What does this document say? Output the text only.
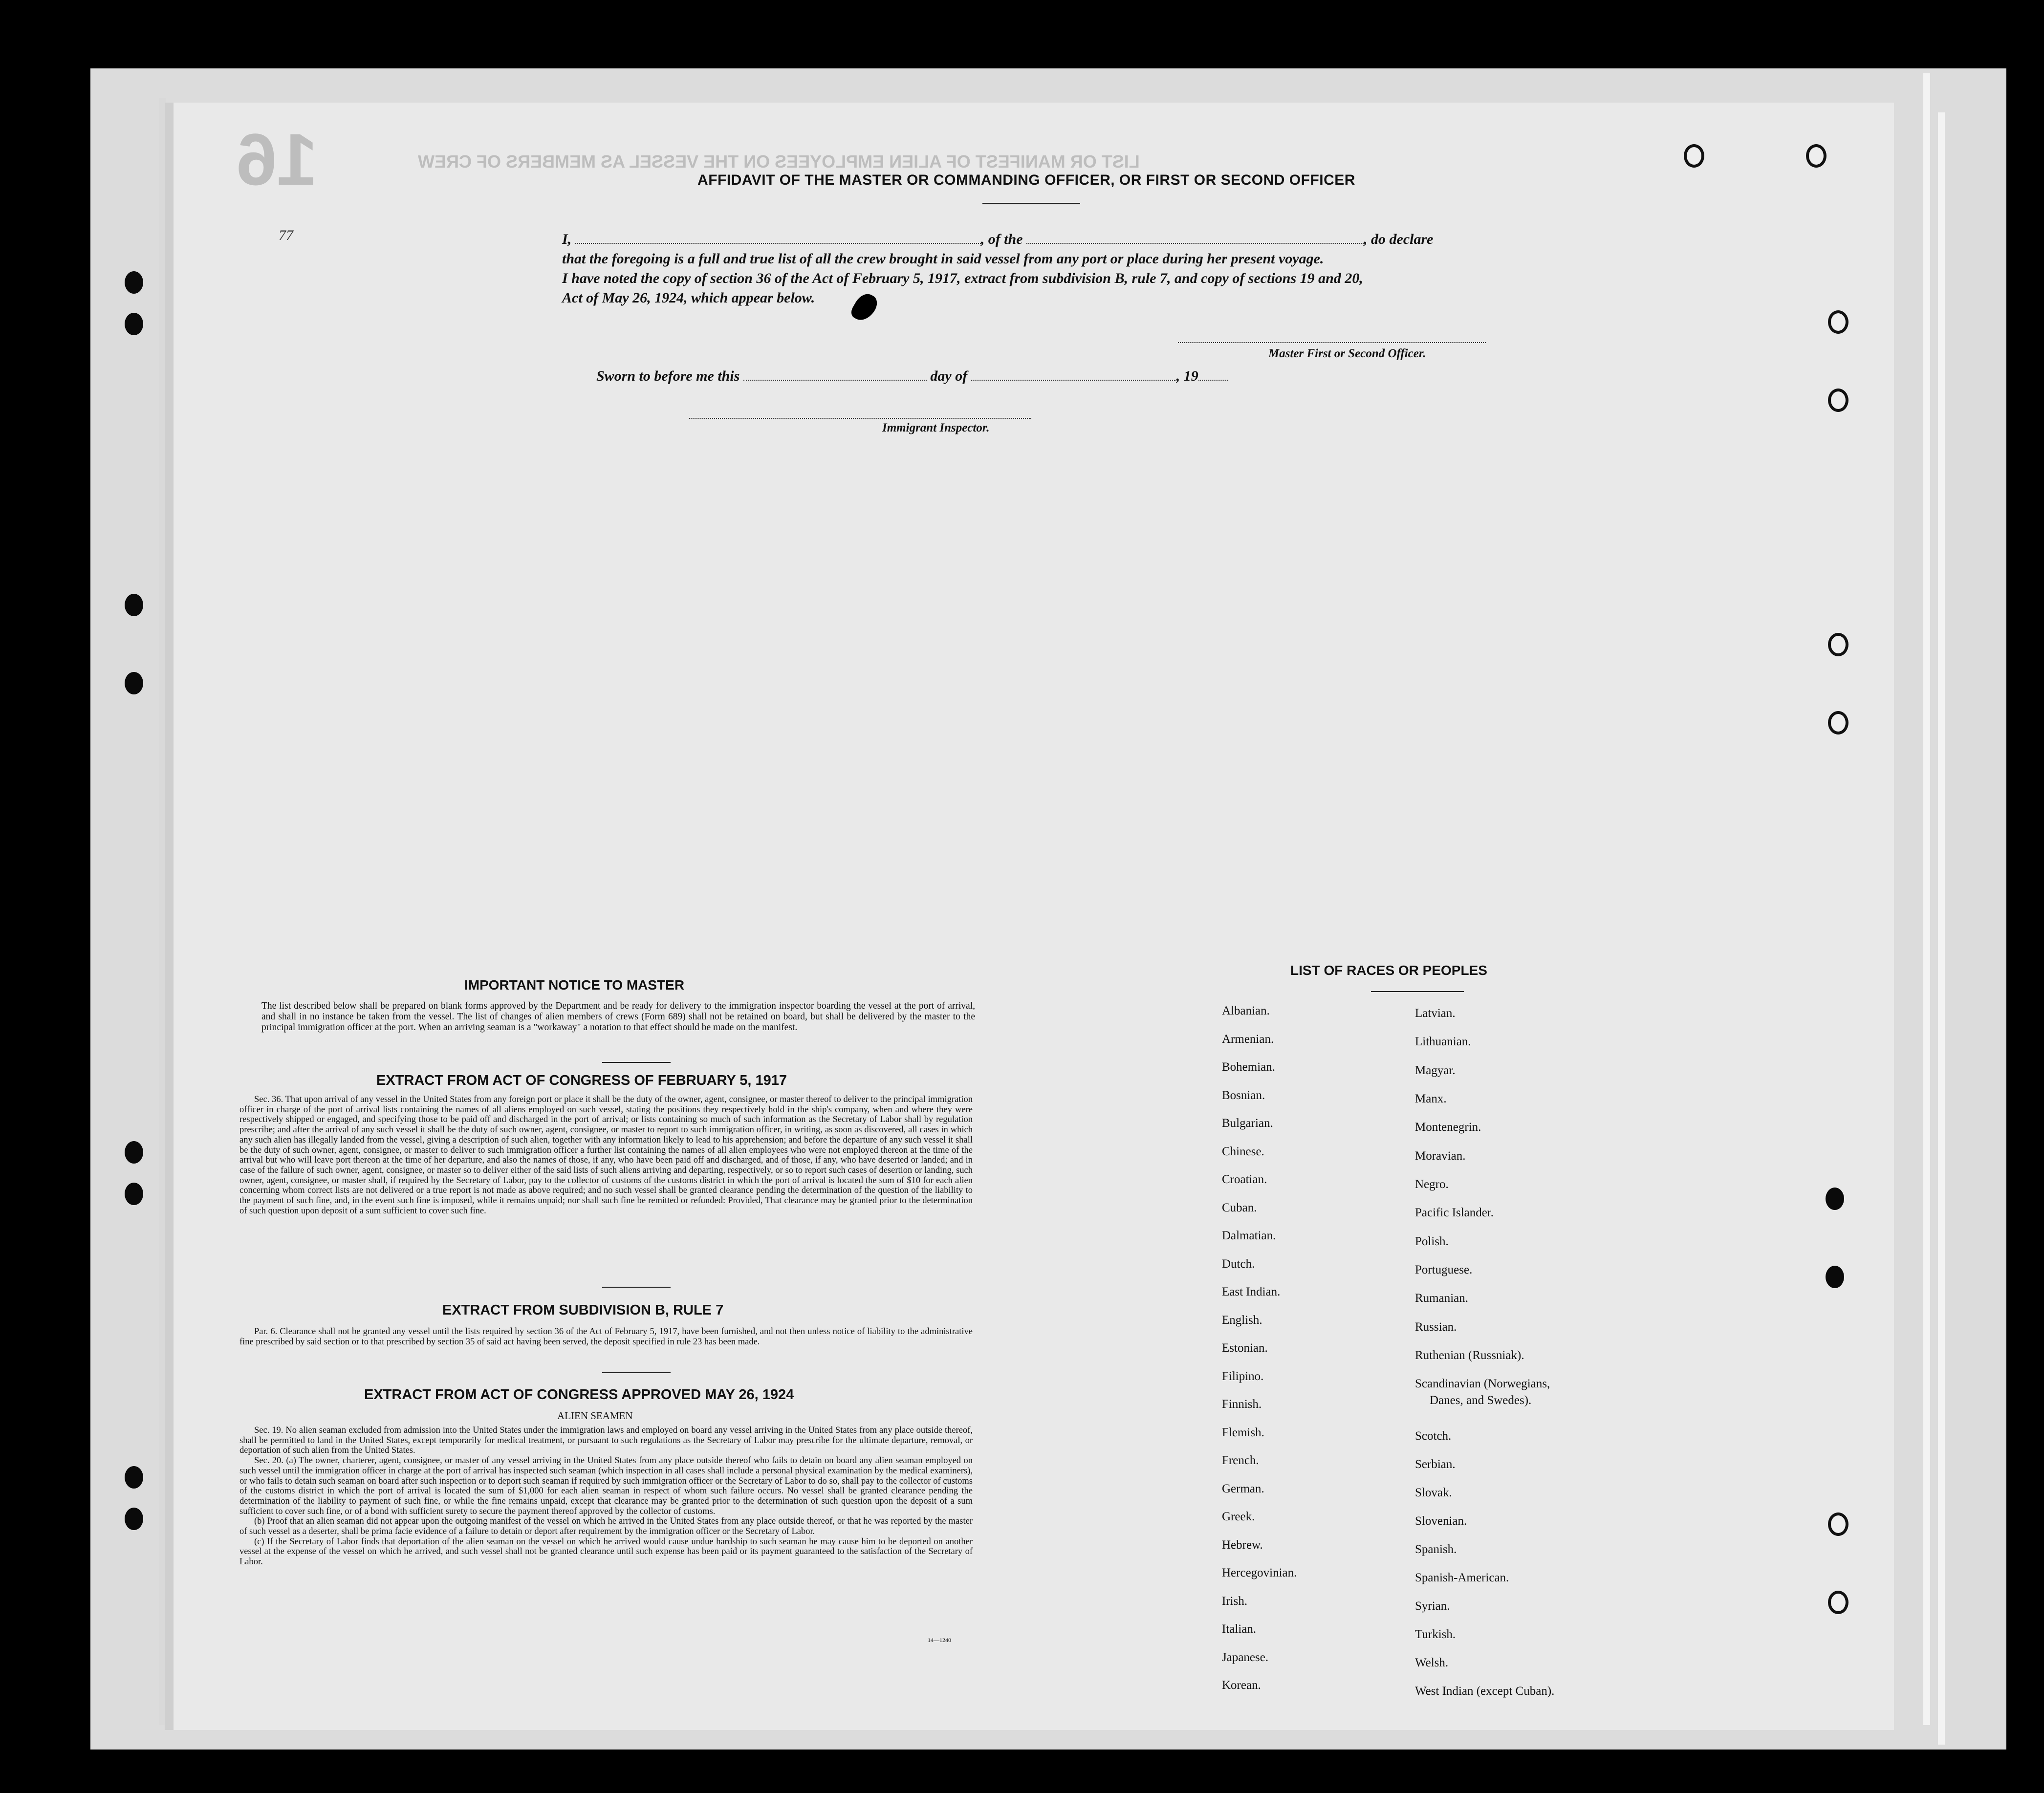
16	LIST OR MANIFEST OF ALIEN EMPLOYEES ON THE VESSEL AS MEMBERS OF CREW
77
AFFIDAVIT OF THE MASTER OR COMMANDING OFFICER, OR FIRST OR SECOND OFFICER
I,	, of the	, do declare
that the foregoing is a full and true list of all the crew brought in said vessel from any port or place during her present voyage.
I have noted the copy of section 36 of the Act of February 5, 1917, extract from subdivision B, rule 7, and copy of sections 19 and 20,
Act of May 26, 1924, which appear below.
Master First or Second Officer.
Sworn to before me this	day of	, 19
Immigrant Inspector.
IMPORTANT NOTICE TO MASTER
The list described below shall be prepared on blank forms approved by the Department and be ready for delivery to the immigration inspector boarding the vessel at the port of arrival, and shall in no instance be taken from the vessel. The list of changes of alien members of crews (Form 689) shall not be retained on board, but shall be delivered by the master to the principal immigration officer at the port. When an arriving seaman is a "workaway" a notation to that effect should be made on the manifest.
EXTRACT FROM ACT OF CONGRESS OF FEBRUARY 5, 1917

Sec. 36. That upon arrival of any vessel in the United States from any foreign port or place it shall be the duty of the owner, agent, consignee, or master thereof to deliver to the principal immigration officer in charge of the port of arrival lists containing the names of all aliens employed on such vessel, stating the positions they respectively hold in the ship's company, when and where they were respectively shipped or engaged, and specifying those to be paid off and discharged in the port of arrival; or lists containing so much of such information as the Secretary of Labor shall by regulation prescribe; and after the arrival of any such vessel it shall be the duty of such owner, agent, consignee, or master to report to such immigration officer, in writing, as soon as discovered, all cases in which any such alien has illegally landed from the vessel, giving a description of such alien, together with any information likely to lead to his apprehension; and before the departure of any such vessel it shall be the duty of such owner, agent, consignee, or master to deliver to such immigration officer a further list containing the names of all alien employees who were not employed thereon at the time of the arrival but who will leave port thereon at the time of her departure, and also the names of those, if any, who have been paid off and discharged, and of those, if any, who have deserted or landed; and in case of the failure of such owner, agent, consignee, or master so to deliver either of the said lists of such aliens arriving and departing, respectively, or so to report such cases of desertion or landing, such owner, agent, consignee, or master shall, if required by the Secretary of Labor, pay to the collector of customs of the customs district in which the port of arrival is located the sum of $10 for each alien concerning whom correct lists are not delivered or a true report is not made as above required; and no such vessel shall be granted clearance pending the determination of the question of the liability to the payment of such fine, and, in the event such fine is imposed, while it remains unpaid; nor shall such fine be remitted or refunded: Provided, That clearance may be granted prior to the determination of such question upon deposit of a sum sufficient to cover such fine.

EXTRACT FROM SUBDIVISION B, RULE 7

Par. 6. Clearance shall not be granted any vessel until the lists required by section 36 of the Act of February 5, 1917, have been furnished, and not then unless notice of liability to the administrative fine prescribed by said section or to that prescribed by section 35 of said act having been served, the deposit specified in rule 23 has been made.

EXTRACT FROM ACT OF CONGRESS APPROVED MAY 26, 1924
ALIEN SEAMEN

Sec. 19. No alien seaman excluded from admission into the United States under the immigration laws and employed on board any vessel arriving in the United States from any place outside thereof, shall be permitted to land in the United States, except temporarily for medical treatment, or pursuant to such regulations as the Secretary of Labor may prescribe for the ultimate departure, removal, or deportation of such alien from the United States.

Sec. 20. (a) The owner, charterer, agent, consignee, or master of any vessel arriving in the United States from any place outside thereof who fails to detain on board any alien seaman employed on such vessel until the immigration officer in charge at the port of arrival has inspected such seaman (which inspection in all cases shall include a personal physical examination by the medical examiners), or who fails to detain such seaman on board after such inspection or to deport such seaman if required by such immigration officer or the Secretary of Labor to do so, shall pay to the collector of customs of the customs district in which the port of arrival is located the sum of $1,000 for each alien seaman in respect of whom such failure occurs. No vessel shall be granted clearance pending the determination of the liability to payment of such fine, or while the fine remains unpaid, except that clearance may be granted prior to the determination of such question upon the deposit of a sum sufficient to cover such fine, or of a bond with sufficient surety to secure the payment thereof approved by the collector of customs.

(b) Proof that an alien seaman did not appear upon the outgoing manifest of the vessel on which he arrived in the United States from any place outside thereof, or that he was reported by the master of such vessel as a deserter, shall be prima facie evidence of a failure to detain or deport after requirement by the immigration officer or the Secretary of Labor.

(c) If the Secretary of Labor finds that deportation of the alien seaman on the vessel on which he arrived would cause undue hardship to such seaman he may cause him to be deported on another vessel at the expense of the vessel on which he arrived, and such vessel shall not be granted clearance until such expense has been paid or its payment guaranteed to the satisfaction of the Secretary of Labor.

14—1240
LIST OF RACES OR PEOPLES
Albanian.
Armenian.
Bohemian.
Bosnian.
Bulgarian.
Chinese.
Croatian.
Cuban.
Dalmatian.
Dutch.
East Indian.
English.
Estonian.
Filipino.
Finnish.
Flemish.
French.
German.
Greek.
Hebrew.
Hercegovinian.
Irish.
Italian.
Japanese.
Korean.
Latvian.
Lithuanian.
Magyar.
Manx.
Montenegrin.
Moravian.
Negro.
Pacific Islander.
Polish.
Portuguese.
Rumanian.
Russian.
Ruthenian (Russniak).
Scandinavian (Norwegians,
Danes, and Swedes).
Scotch.
Serbian.
Slovak.
Slovenian.
Spanish.
Spanish-American.
Syrian.
Turkish.
Welsh.
West Indian (except Cuban).
